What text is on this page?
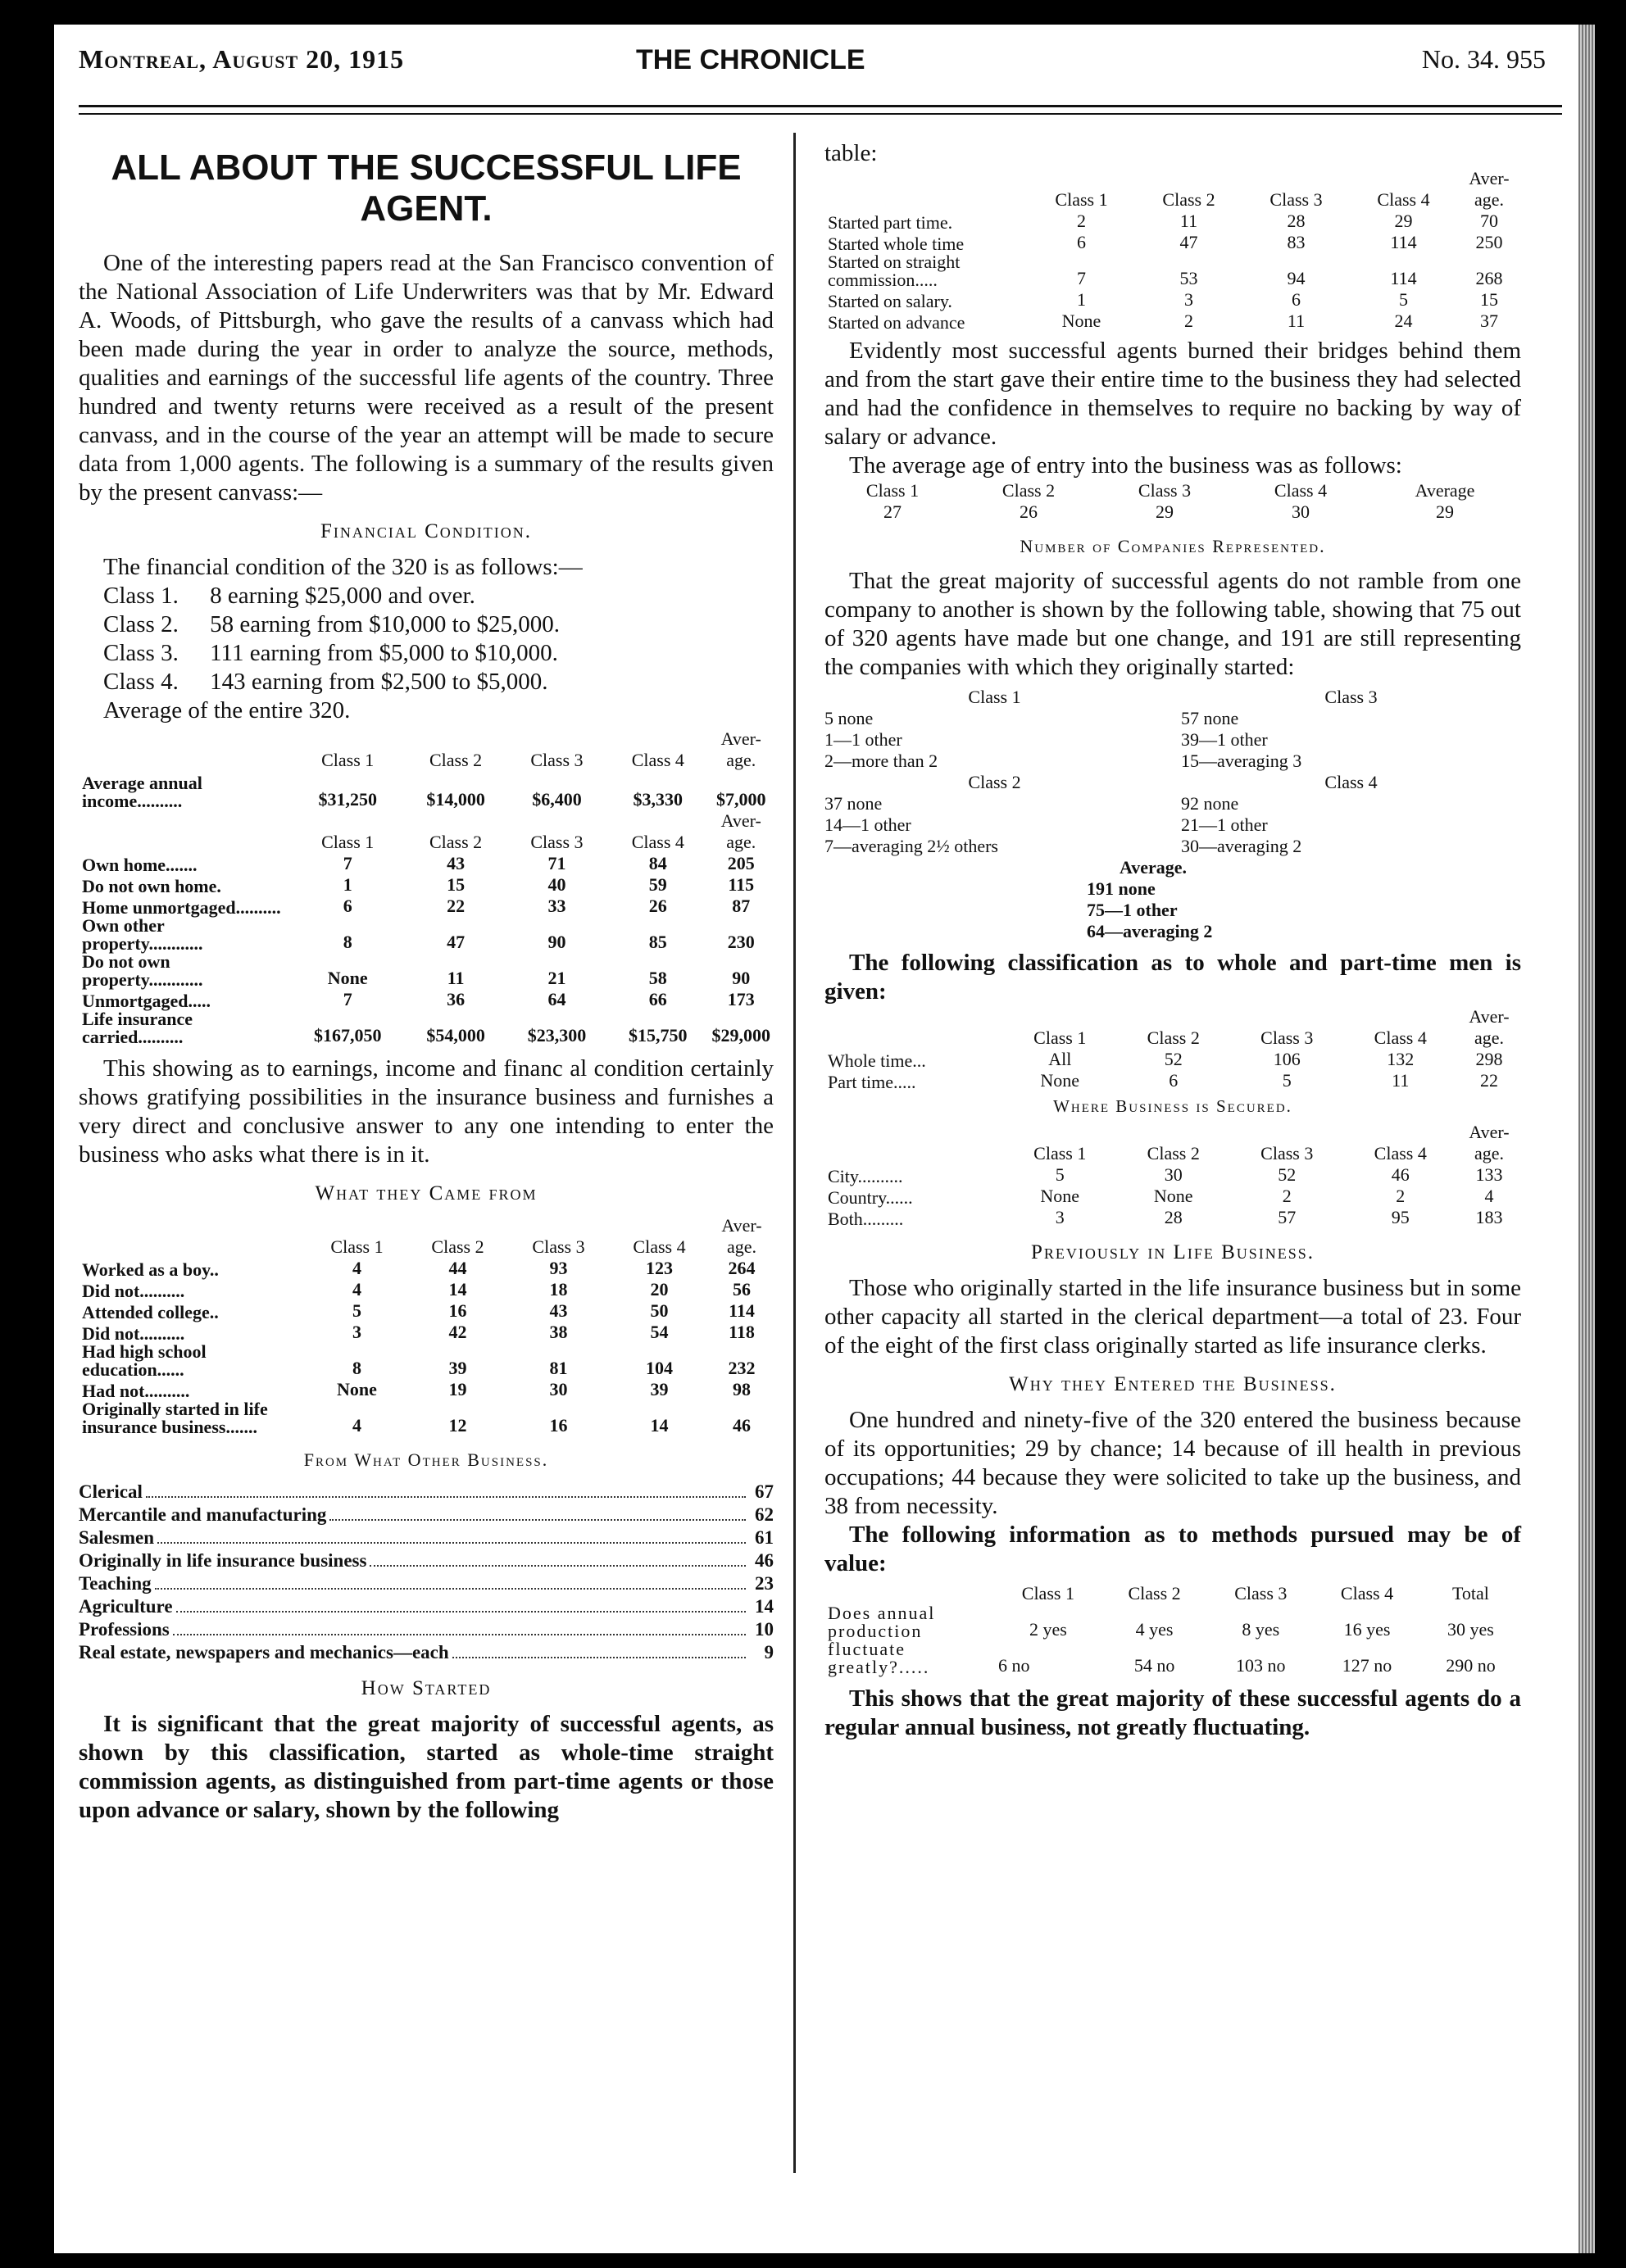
Montreal, August 20, 1915	THE CHRONICLE	No. 34. 955
ALL ABOUT THE SUCCESSFUL LIFE
AGENT.

One of the interesting papers read at the San Francisco convention of the National Association of Life Underwriters was that by Mr. Edward A. Woods, of Pittsburgh, who gave the results of a canvass which had been made during the year in order to analyze the source, methods, qualities and earnings of the successful life agents of the country. Three hundred and twenty returns were received as a result of the present canvass, and in the course of the year an attempt will be made to secure data from 1,000 agents. The following is a summary of the results given by the present canvass:—

Financial Condition.

The financial condition of the 320 is as follows:—

Class 1. 8 earning $25,000 and over.
Class 2. 58 earning from $10,000 to $25,000.
Class 3. 111 earning from $5,000 to $10,000.
Class 4. 143 earning from $2,500 to $5,000.
Average of the entire 320.
	Class 1	Class 2	Class 3	Class 4	Aver-age.
Average annual income..........	$31,250	$14,000	$6,400	$3,330	$7,000
	Class 1	Class 2	Class 3	Class 4	Aver-age.
Own home.......	7	43	71	84	205
Do not own home.	1	15	40	59	115
Home unmortgaged..........	6	22	33	26	87
Own other property............	8	47	90	85	230
Do not own property............	None	11	21	58	90
Unmortgaged.....	7	36	64	66	173
Life insurance carried..........	$167,050	$54,000	$23,300	$15,750	$29,000

This showing as to earnings, income and financ al condition certainly shows gratifying possibilities in the insurance business and furnishes a very direct and conclusive answer to any one intending to enter the business who asks what there is in it.

What they Came from
	Class 1	Class 2	Class 3	Class 4	Aver-age.
Worked as a boy..	4	44	93	123	264
Did not..........	4	14	18	20	56
Attended college..	5	16	43	50	114
Did not..........	3	42	38	54	118
Had high school education......	8	39	81	104	232
Had not..........	None	19	30	39	98
Originally started in life insurance business.......	4	12	16	14	46
From What Other Business.
Clerical	67
Mercantile and manufacturing	62
Salesmen	61
Originally in life insurance business	46
Teaching	23
Agriculture	14
Professions	10
Real estate, newspapers and mechanics—each	9
How Started

It is significant that the great majority of successful agents, as shown by this classification, started as whole-time straight commission agents, as distinguished from part-time agents or those upon advance or salary, shown by the following

table:
	Class 1	Class 2	Class 3	Class 4	Aver-age.
Started part time.	2	11	28	29	70
Started whole time	6	47	83	114	250
Started on straight commission.....	7	53	94	114	268
Started on salary.	1	3	6	5	15
Started on advance	None	2	11	24	37

Evidently most successful agents burned their bridges behind them and from the start gave their entire time to the business they had selected and had the confidence in themselves to require no backing by way of salary or advance.

The average age of entry into the business was as follows:

Class 1	Class 2	Class 3	Class 4	Average
27	26	29	30	29
Number of Companies Represented.

That the great majority of successful agents do not ramble from one company to another is shown by the following table, showing that 75 out of 320 agents have made but one change, and 191 are still representing the companies with which they originally started:

Class 1
5 none
1—1 other
2—more than 2
Class 3
57 none
39—1 other
15—averaging 3
Class 2
37 none
14—1 other
7—averaging 2½ others
Class 4
92 none
21—1 other
30—averaging 2
Average.
191 none
75—1 other
64—averaging 2

The following classification as to whole and part-time men is given:

	Class 1	Class 2	Class 3	Class 4	Aver-age.
Whole time...	All	52	106	132	298
Part time.....	None	6	5	11	22
Where Business is Secured.
	Class 1	Class 2	Class 3	Class 4	Aver-age.
City..........	5	30	52	46	133
Country......	None	None	2	2	4
Both.........	3	28	57	95	183
Previously in Life Business.

Those who originally started in the life insurance business but in some other capacity all started in the clerical department—a total of 23. Four of the eight of the first class originally started as life insurance clerks.

Why they Entered the Business.

One hundred and ninety-five of the 320 entered the business because of its opportunities; 29 by chance; 14 because of ill health in previous occupations; 44 because they were solicited to take up the business, and 38 from necessity.

The following information as to methods pursued may be of value:

	Class 1	Class 2	Class 3	Class 4	Total
Does annual production fluctuate greatly?.....	2 yes	4 yes	8 yes	16 yes	30 yes
	6 no	54 no	103 no	127 no	290 no

This shows that the great majority of these successful agents do a regular annual business, not greatly fluctuating.
